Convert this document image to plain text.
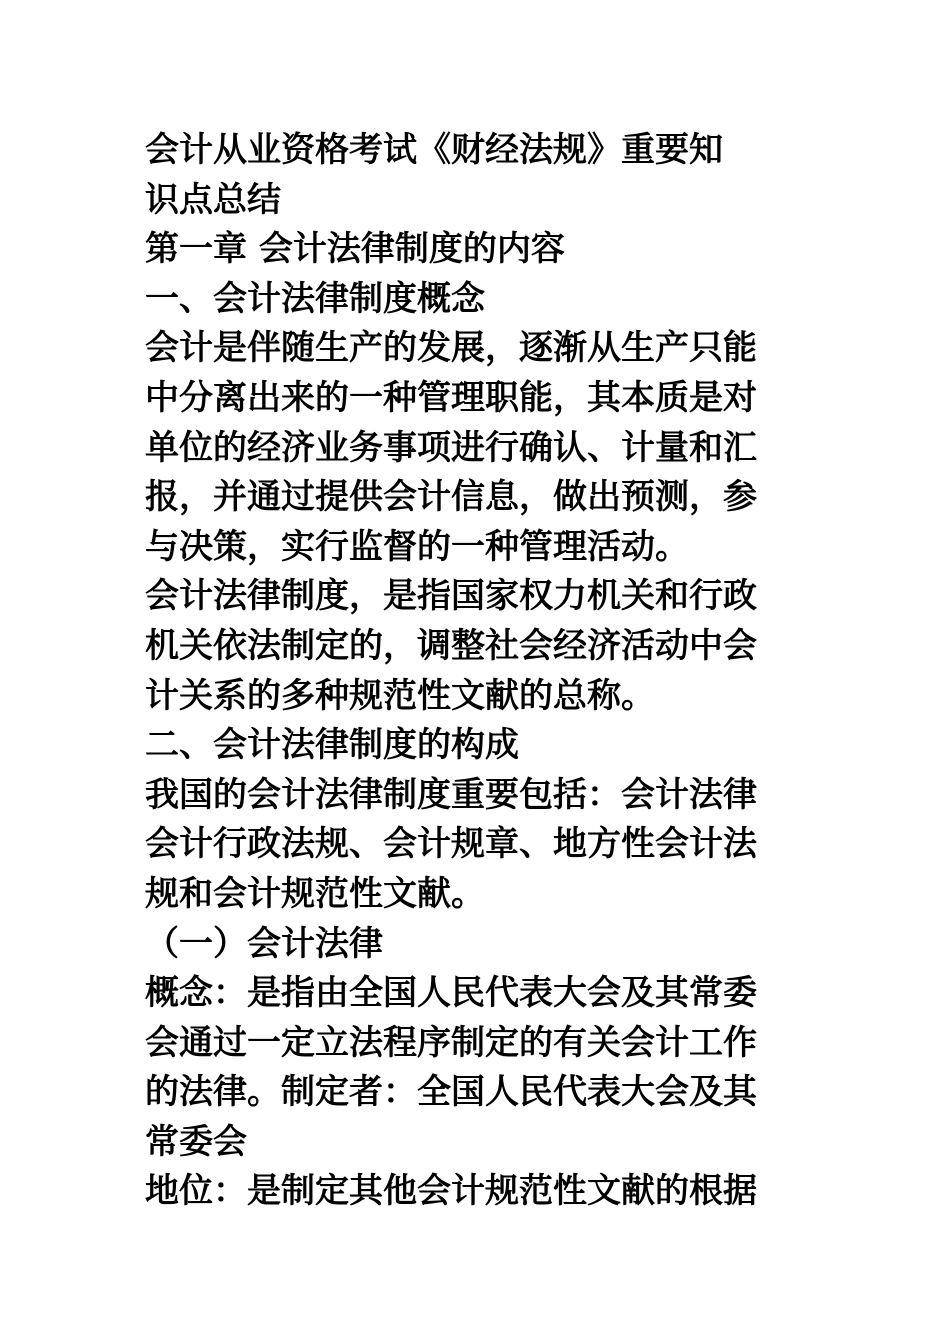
会计从业资格考试《财经法规》重要知
识点总结
第一章 会计法律制度的内容
一、会计法律制度概念
会计是伴随生产的发展，逐渐从生产只能
中分离出来的一种管理职能，其本质是对
单位的经济业务事项进行确认、计量和汇
报，并通过提供会计信息，做出预测，参
与决策，实行监督的一种管理活动。
会计法律制度，是指国家权力机关和行政
机关依法制定的，调整社会经济活动中会
计关系的多种规范性文献的总称。
二、会计法律制度的构成
我国的会计法律制度重要包括：会计法律
会计行政法规、会计规章、地方性会计法
规和会计规范性文献。
（一）会计法律
概念：是指由全国人民代表大会及其常委
会通过一定立法程序制定的有关会计工作
的法律。制定者：全国人民代表大会及其
常委会
地位：是制定其他会计规范性文献的根据
